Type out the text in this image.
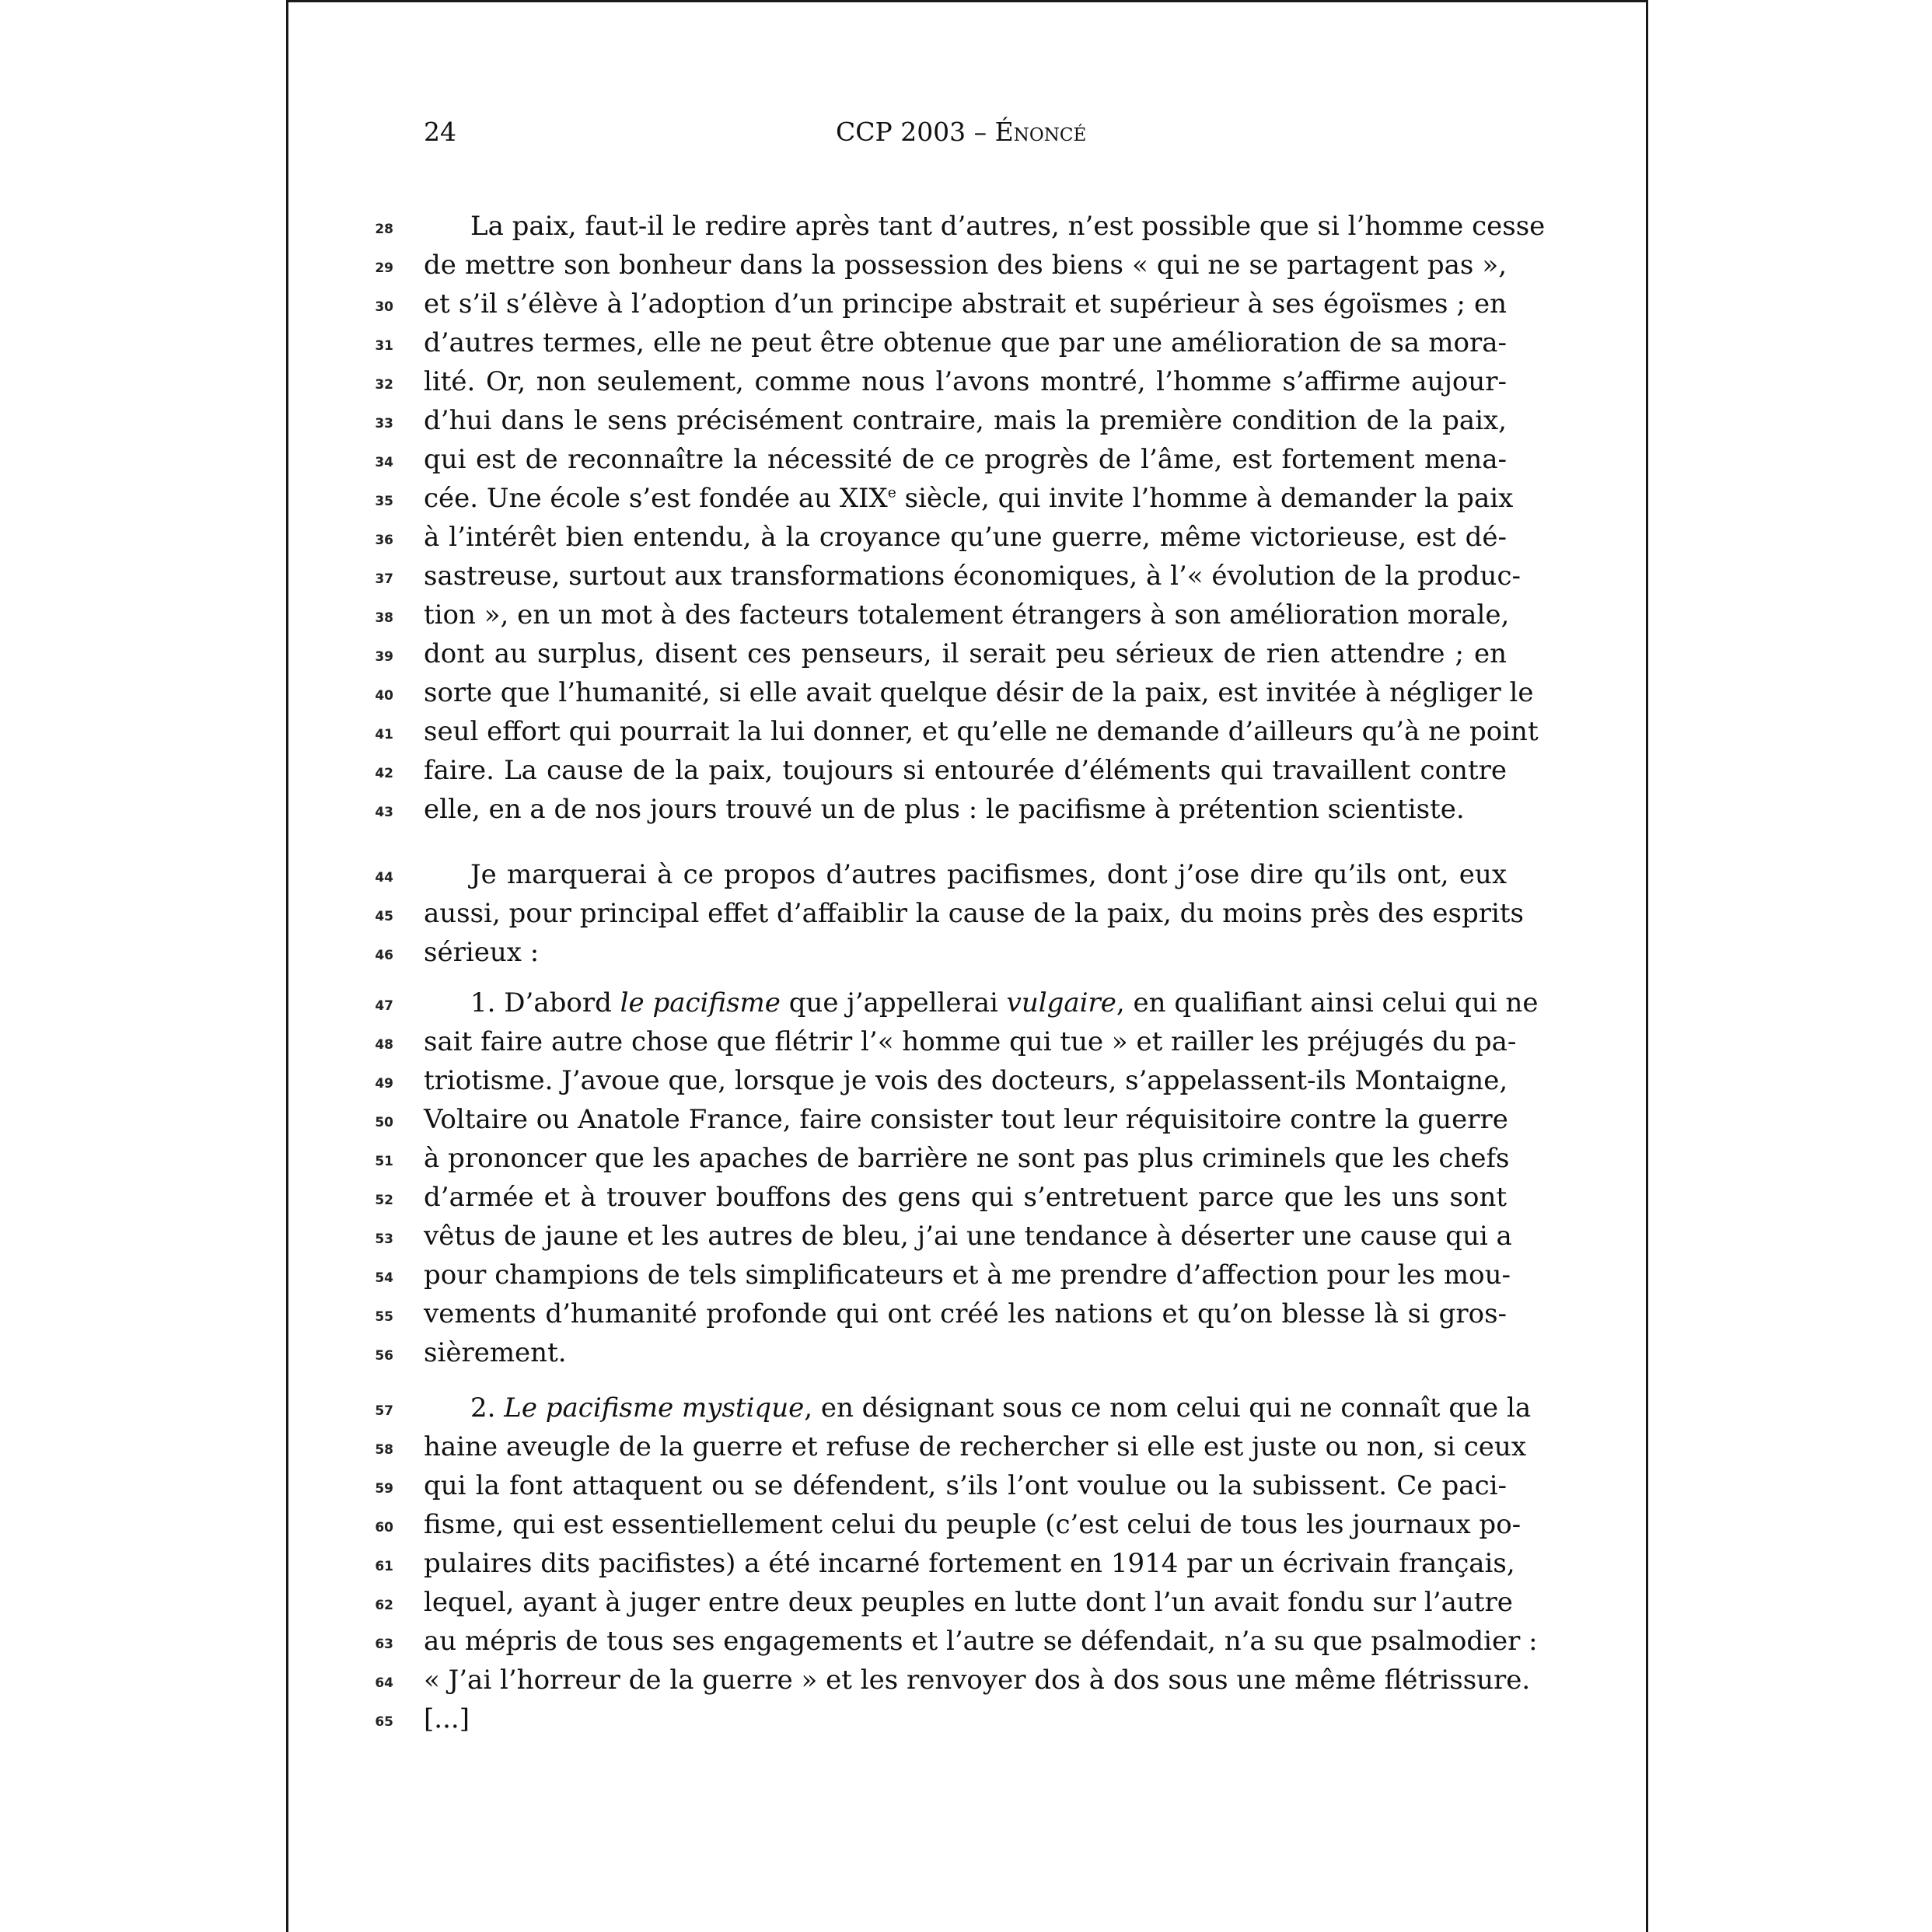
24	CCP 2003 – Énoncé
28	La paix, faut-il le redire après tant d’autres, n’est possible que si l’homme cesse
29 de mettre son bonheur dans la possession des biens « qui ne se partagent pas »,
30 et s’il s’élève à l’adoption d’un principe abstrait et supérieur à ses égoïsmes ; en
31 d’autres termes, elle ne peut être obtenue que par une amélioration de sa mora-
32 lité. Or, non seulement, comme nous l’avons montré, l’homme s’affirme aujour-
33 d’hui dans le sens précisément contraire, mais la première condition de la paix,
34 qui est de reconnaître la nécessité de ce progrès de l’âme, est fortement mena-
35 cée. Une école s’est fondée au XIXe siècle, qui invite l’homme à demander la paix
36 à l’intérêt bien entendu, à la croyance qu’une guerre, même victorieuse, est dé-
37 sastreuse, surtout aux transformations économiques, à l’« évolution de la produc-
38 tion », en un mot à des facteurs totalement étrangers à son amélioration morale,
39 dont au surplus, disent ces penseurs, il serait peu sérieux de rien attendre ; en
40 sorte que l’humanité, si elle avait quelque désir de la paix, est invitée à négliger le
41 seul effort qui pourrait la lui donner, et qu’elle ne demande d’ailleurs qu’à ne point
42 faire. La cause de la paix, toujours si entourée d’éléments qui travaillent contre
43 elle, en a de nos jours trouvé un de plus : le pacifisme à prétention scientiste.
44	Je marquerai à ce propos d’autres pacifismes, dont j’ose dire qu’ils ont, eux
45 aussi, pour principal effet d’affaiblir la cause de la paix, du moins près des esprits
46 sérieux :
47	1. D’abord le pacifisme que j’appellerai vulgaire, en qualifiant ainsi celui qui ne
48 sait faire autre chose que flétrir l’« homme qui tue » et railler les préjugés du pa-
49 triotisme. J’avoue que, lorsque je vois des docteurs, s’appelassent-ils Montaigne,
50 Voltaire ou Anatole France, faire consister tout leur réquisitoire contre la guerre
51 à prononcer que les apaches de barrière ne sont pas plus criminels que les chefs
52 d’armée et à trouver bouffons des gens qui s’entretuent parce que les uns sont
53 vêtus de jaune et les autres de bleu, j’ai une tendance à déserter une cause qui a
54 pour champions de tels simplificateurs et à me prendre d’affection pour les mou-
55 vements d’humanité profonde qui ont créé les nations et qu’on blesse là si gros-
56 sièrement.
57	2. Le pacifisme mystique, en désignant sous ce nom celui qui ne connaît que la
58 haine aveugle de la guerre et refuse de rechercher si elle est juste ou non, si ceux
59 qui la font attaquent ou se défendent, s’ils l’ont voulue ou la subissent. Ce paci-
60 fisme, qui est essentiellement celui du peuple (c’est celui de tous les journaux po-
61 pulaires dits pacifistes) a été incarné fortement en 1914 par un écrivain français,
62 lequel, ayant à juger entre deux peuples en lutte dont l’un avait fondu sur l’autre
63 au mépris de tous ses engagements et l’autre se défendait, n’a su que psalmodier :
64 « J’ai l’horreur de la guerre » et les renvoyer dos à dos sous une même flétrissure.
65 [...]
